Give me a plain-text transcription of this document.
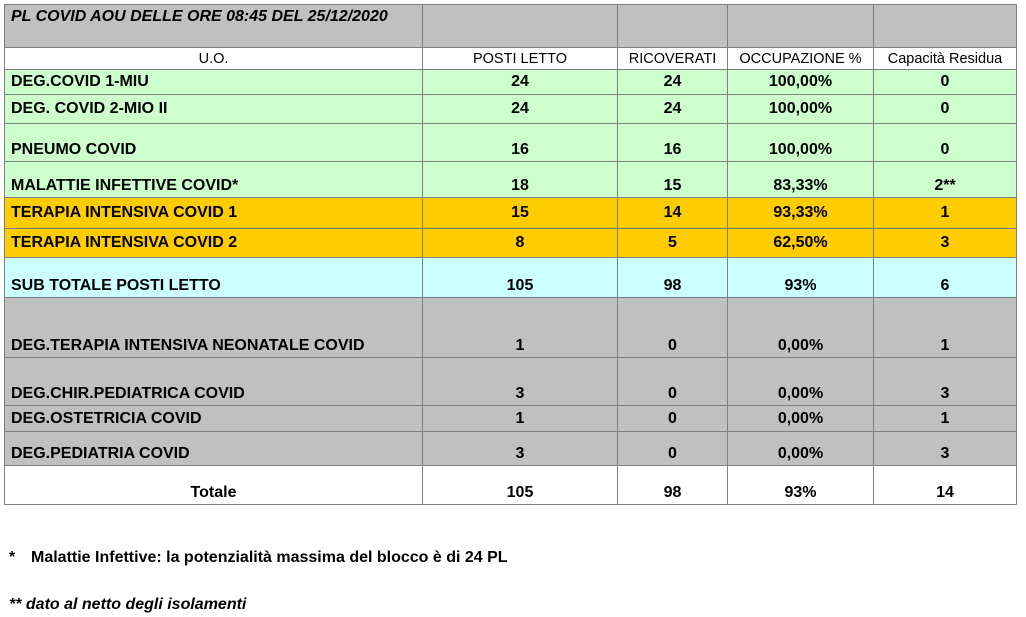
PL COVID AOU DELLE ORE 08:45 DEL 25/12/2020				
U.O.	POSTI LETTO	RICOVERATI	OCCUPAZIONE %	Capacità Residua
DEG.COVID 1-MIU	24	24	100,00%	0
DEG. COVID 2-MIO II	24	24	100,00%	0
PNEUMO COVID	16	16	100,00%	0
MALATTIE INFETTIVE COVID*	18	15	83,33%	2**
TERAPIA INTENSIVA COVID 1	15	14	93,33%	1
TERAPIA INTENSIVA COVID 2	8	5	62,50%	3
SUB TOTALE POSTI LETTO	105	98	93%	6
DEG.TERAPIA INTENSIVA NEONATALE COVID	1	0	0,00%	1
DEG.CHIR.PEDIATRICA COVID	3	0	0,00%	3
DEG.OSTETRICIA COVID	1	0	0,00%	1
DEG.PEDIATRIA COVID	3	0	0,00%	3
Totale	105	98	93%	14
* Malattie Infettive: la potenzialità massima del blocco è di 24 PL
** dato al netto degli isolamenti
